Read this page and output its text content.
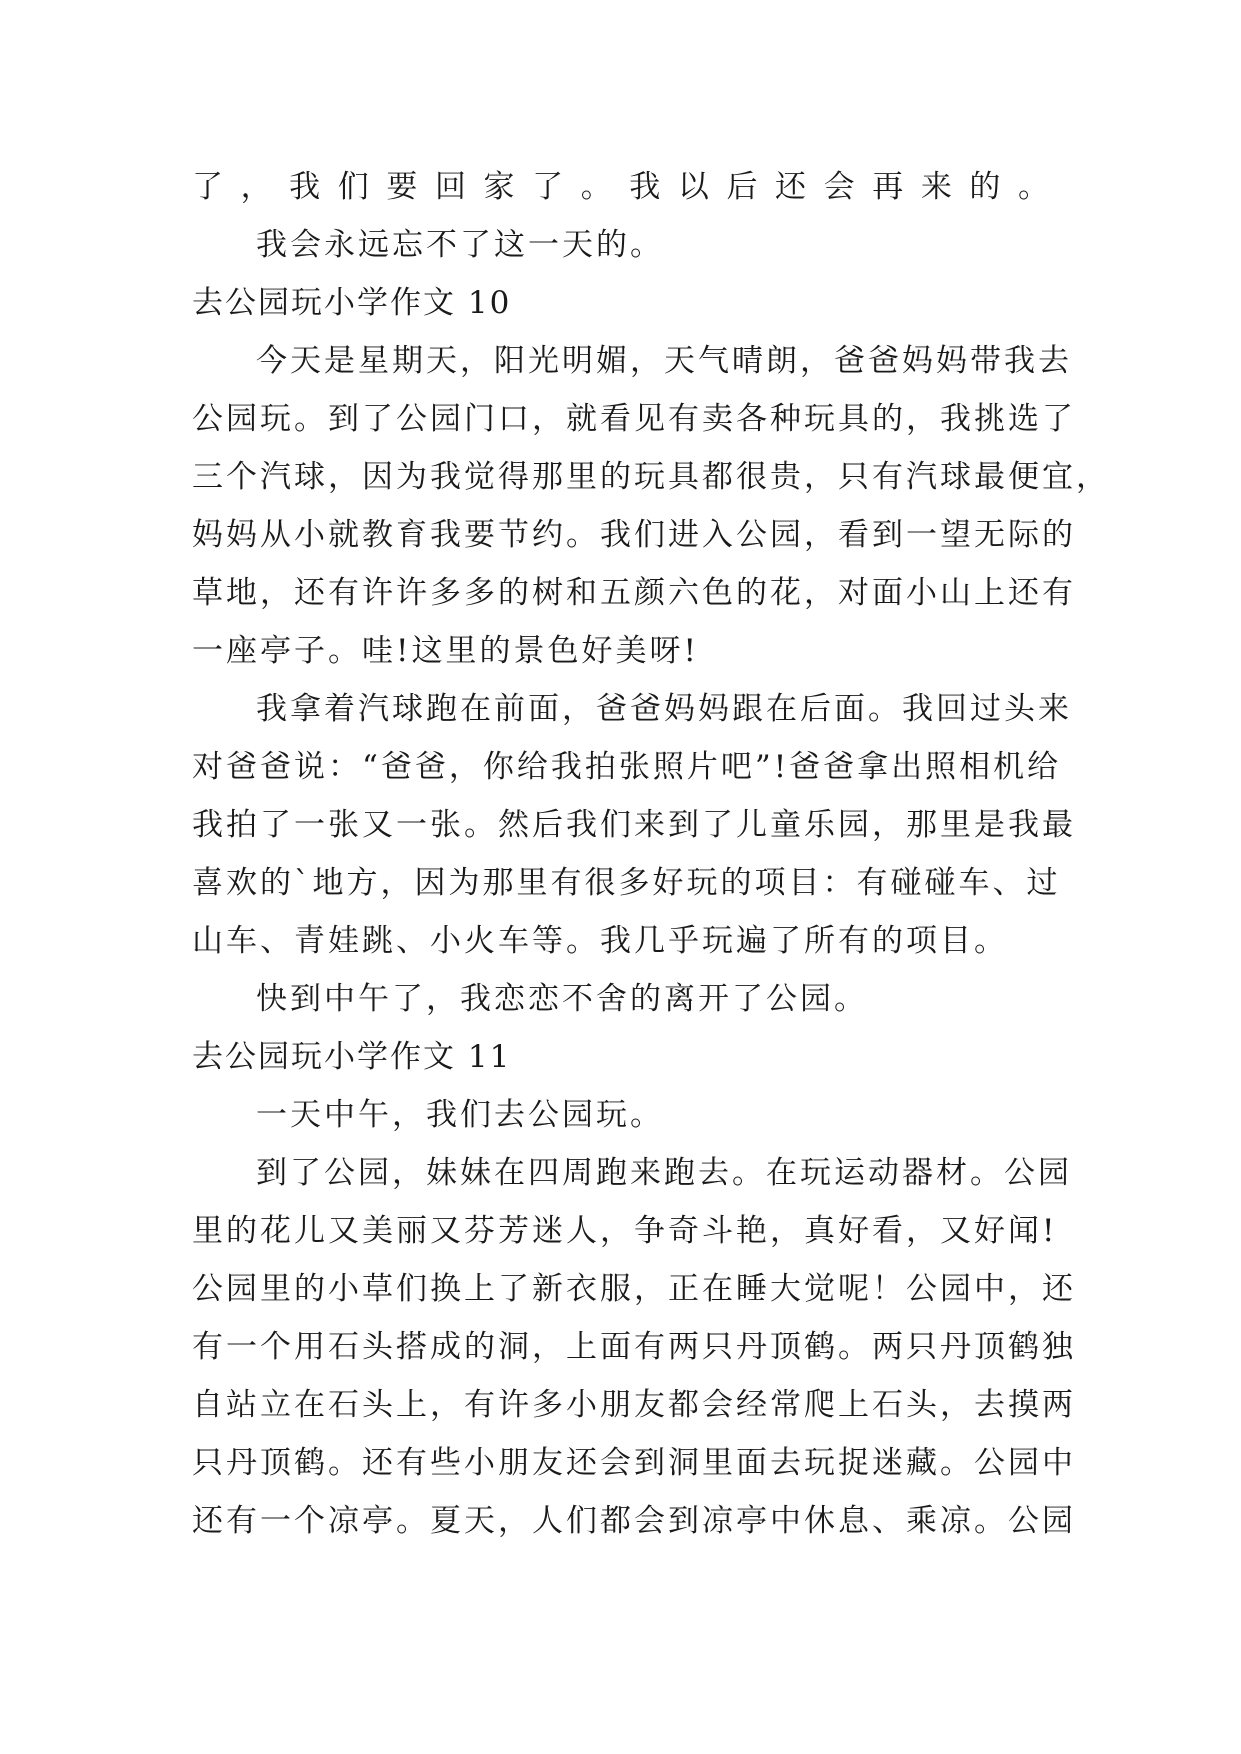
了，我们要回家了。我以后还会再来的。
我会永远忘不了这一天的。
去公园玩小学作文 10
今天是星期天，阳光明媚，天气晴朗，爸爸妈妈带我去
公园玩。到了公园门口，就看见有卖各种玩具的，我挑选了
三个汽球，因为我觉得那里的玩具都很贵，只有汽球最便宜，
妈妈从小就教育我要节约。我们进入公园，看到一望无际的
草地，还有许许多多的树和五颜六色的花，对面小山上还有
一座亭子。哇!这里的景色好美呀!
我拿着汽球跑在前面，爸爸妈妈跟在后面。我回过头来
对爸爸说：“爸爸，你给我拍张照片吧”!爸爸拿出照相机给
我拍了一张又一张。然后我们来到了儿童乐园，那里是我最
喜欢的`地方，因为那里有很多好玩的项目：有碰碰车、过
山车、青娃跳、小火车等。我几乎玩遍了所有的项目。
快到中午了，我恋恋不舍的离开了公园。
去公园玩小学作文 11
一天中午，我们去公园玩。
到了公园，妹妹在四周跑来跑去。在玩运动器材。公园
里的花儿又美丽又芬芳迷人，争奇斗艳，真好看，又好闻!
公园里的小草们换上了新衣服，正在睡大觉呢！公园中，还
有一个用石头搭成的洞，上面有两只丹顶鹤。两只丹顶鹤独
自站立在石头上，有许多小朋友都会经常爬上石头，去摸两
只丹顶鹤。还有些小朋友还会到洞里面去玩捉迷藏。公园中
还有一个凉亭。夏天，人们都会到凉亭中休息、乘凉。公园
